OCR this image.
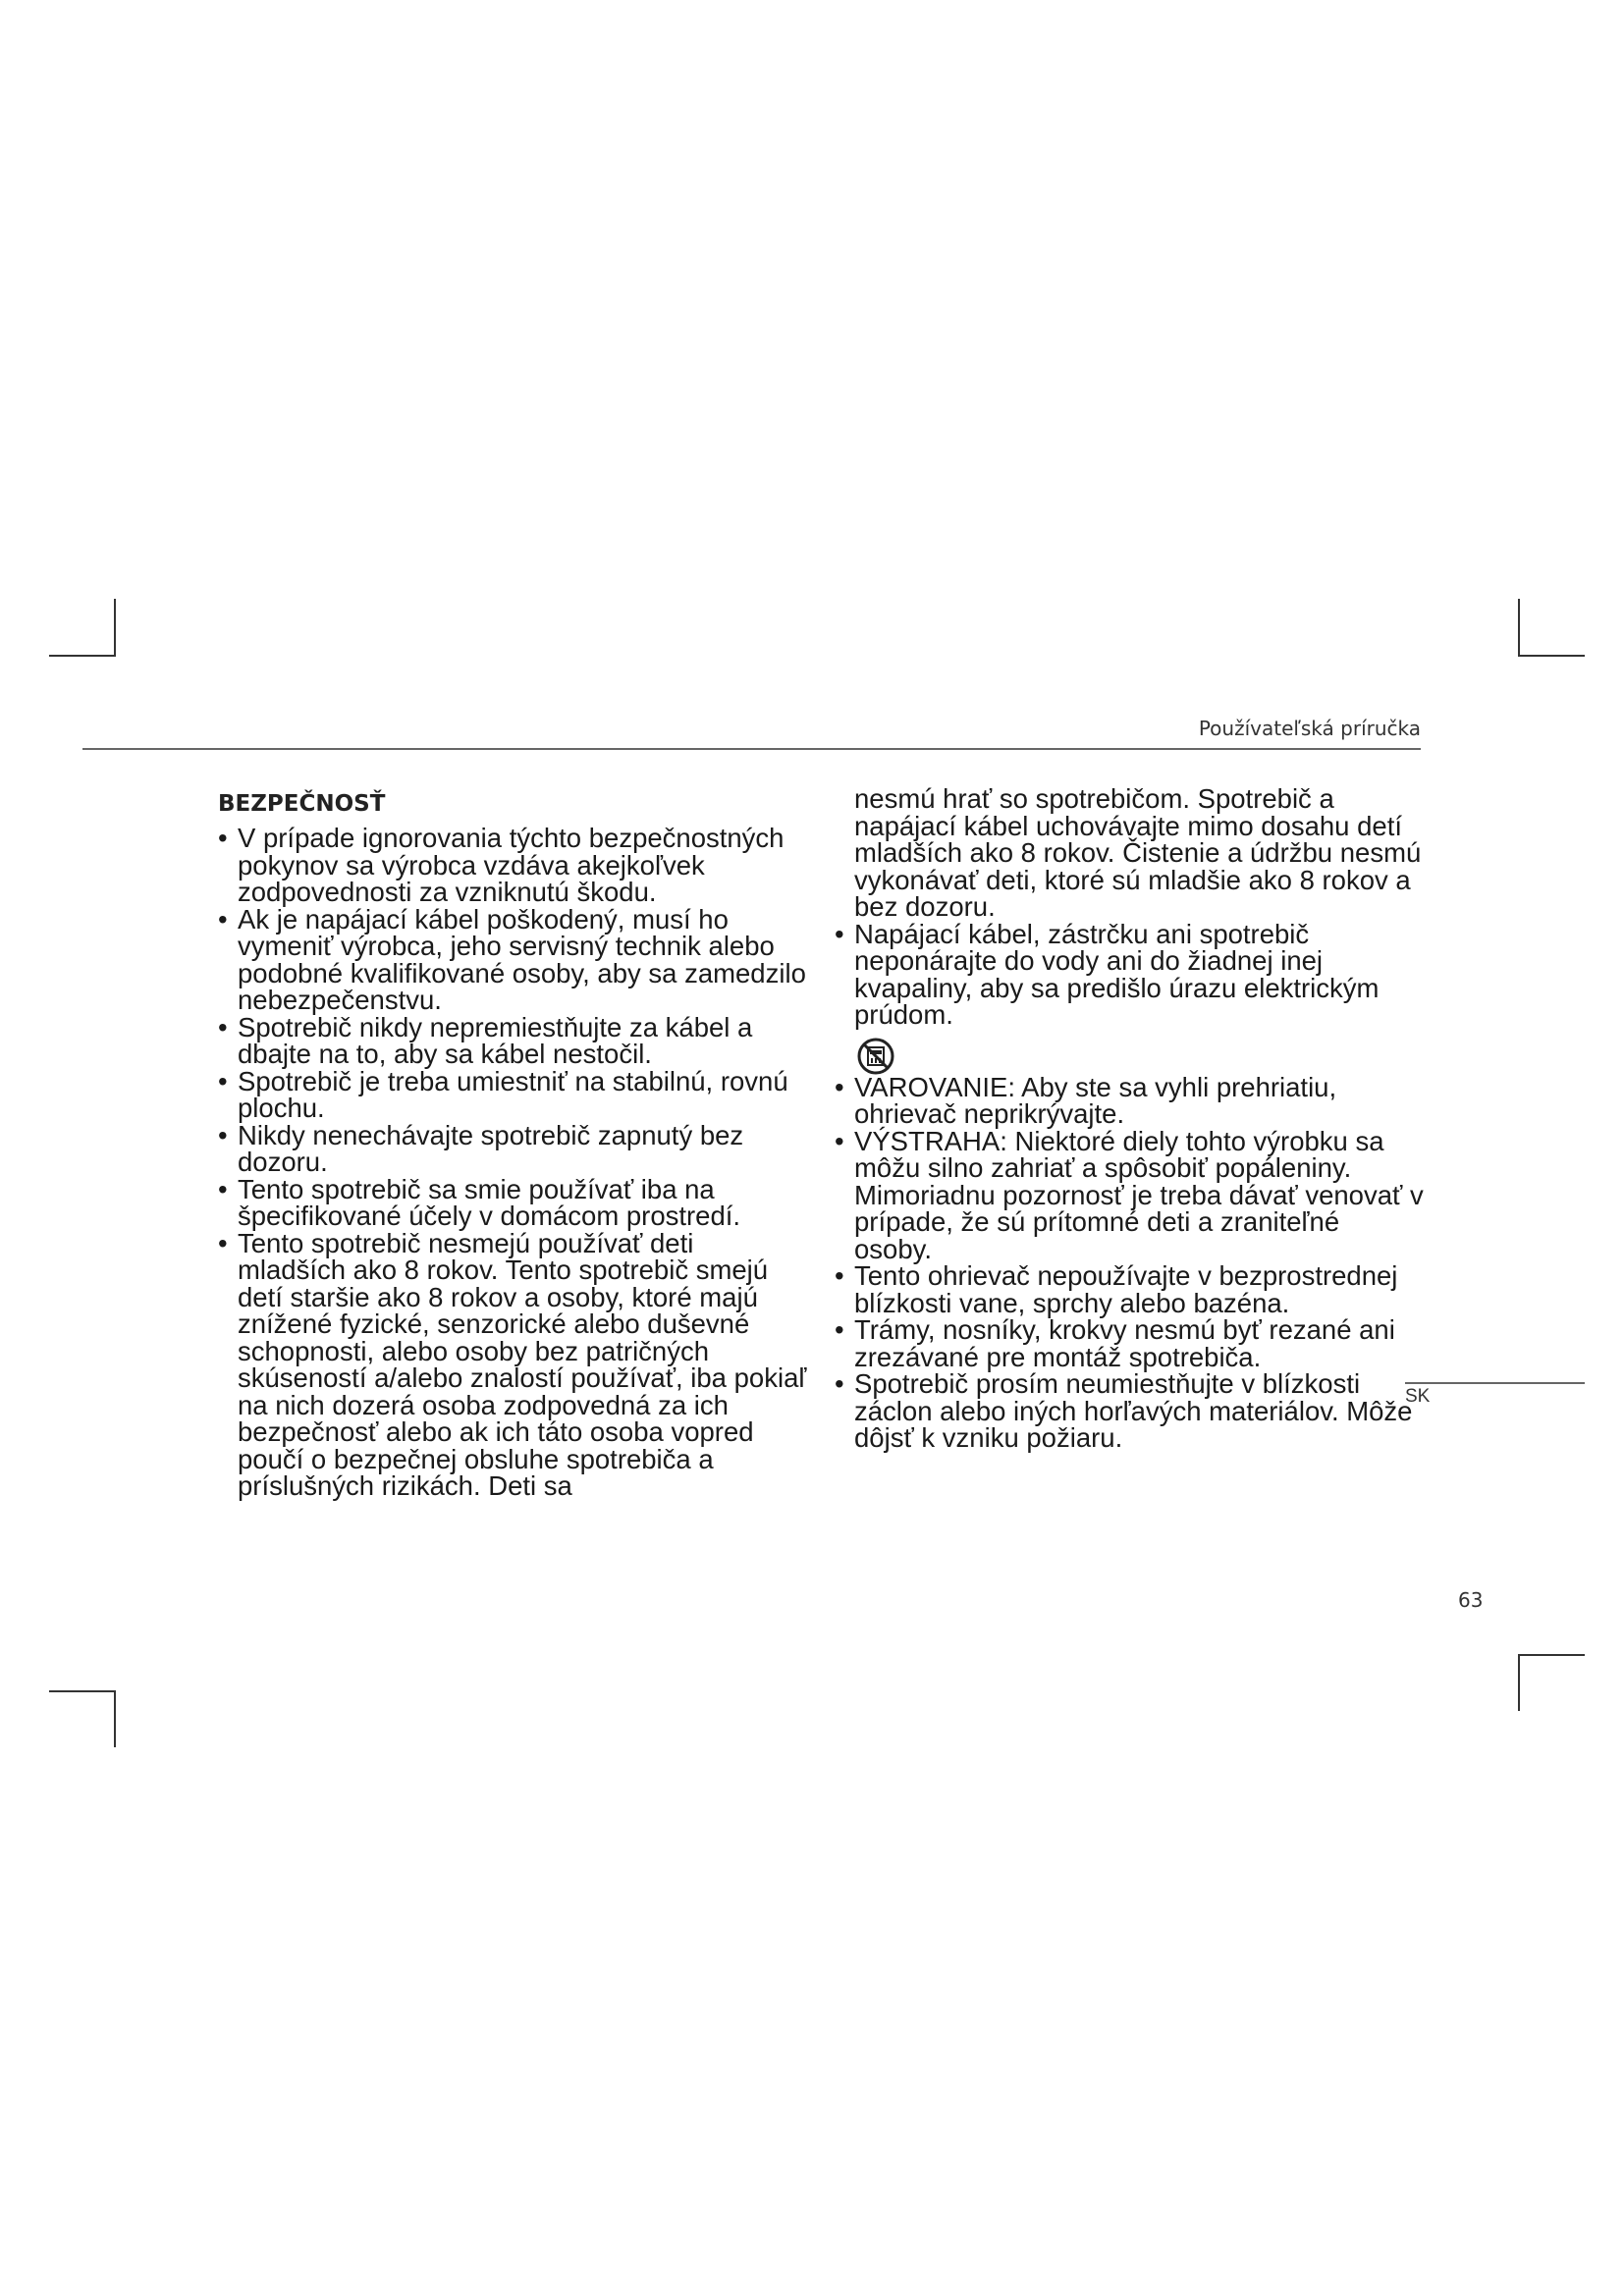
Používateľská príručka
BEZPEČNOSŤ
• V prípade ignorovania týchto bezpečnostných pokynov sa výrobca vzdáva akejkoľvek zodpovednosti za vzniknutú škodu.
• Ak je napájací kábel poškodený, musí ho vymeniť výrobca, jeho servisný technik alebo podobné kvalifikované osoby, aby sa zamedzilo nebezpečenstvu.
• Spotrebič nikdy nepremiestňujte za kábel a dbajte na to, aby sa kábel nestočil.
• Spotrebič je treba umiestniť na stabilnú, rovnú plochu.
• Nikdy nenechávajte spotrebič zapnutý bez dozoru.
• Tento spotrebič sa smie používať iba na špecifikované účely v domácom prostredí.
• Tento spotrebič nesmejú používať deti mladších ako 8 rokov. Tento spotrebič smejú detí staršie ako 8 rokov a osoby, ktoré majú znížené fyzické, senzorické alebo duševné schopnosti, alebo osoby bez patričných skúseností a/alebo znalostí používať, iba pokiaľ na nich dozerá osoba zodpovedná za ich bezpečnosť alebo ak ich táto osoba vopred poučí o bezpečnej obsluhe spotrebiča a príslušných rizikách. Deti sa
nesmú hrať so spotrebičom. Spotrebič a napájací kábel uchovávajte mimo dosahu detí mladších ako 8 rokov. Čistenie a údržbu nesmú vykonávať deti, ktoré sú mladšie ako 8 rokov a bez dozoru.
• Napájací kábel, zástrčku ani spotrebič neponárajte do vody ani do žiadnej inej kvapaliny, aby sa predišlo úrazu elektrickým prúdom.
• VAROVANIE: Aby ste sa vyhli prehriatiu, ohrievač neprikrývajte.
• VÝSTRAHA: Niektoré diely tohto výrobku sa môžu silno zahriať a spôsobiť popáleniny. Mimoriadnu pozornosť je treba dávať venovať v prípade, že sú prítomné deti a zraniteľné osoby.
• Tento ohrievač nepoužívajte v bezprostrednej blízkosti vane, sprchy alebo bazéna.
• Trámy, nosníky, krokvy nesmú byť rezané ani zrezávané pre montáž spotrebiča.
• Spotrebič prosím neumiestňujte v blízkosti záclon alebo iných horľavých materiálov. Môže dôjsť k vzniku požiaru.
SK
63
